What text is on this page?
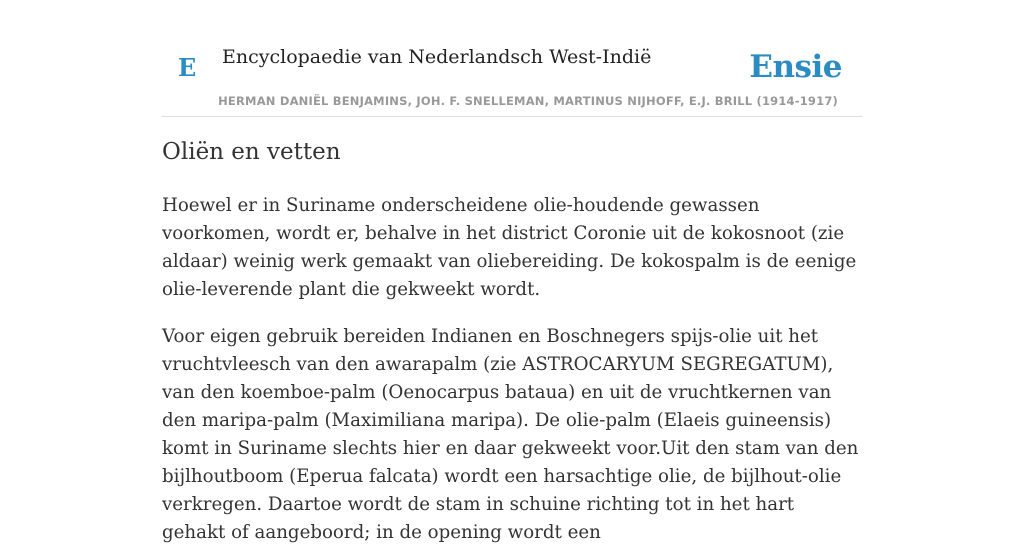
E Encyclopaedie van Nederlandsch West-Indië	Ensie
HERMAN DANIËL BENJAMINS, JOH. F. SNELLEMAN, MARTINUS NIJHOFF, E.J. BRILL (1914-1917)
Oliën en vetten

Hoewel er in Suriname onderscheidene olie-houdende gewassen voorkomen, wordt er, behalve in het district Coronie uit de kokosnoot (zie aldaar) weinig werk gemaakt van oliebereiding. De kokospalm is de eenige olie-leverende plant die gekweekt wordt.

Voor eigen gebruik bereiden Indianen en Boschnegers spijs-olie uit het vruchtvleesch van den awarapalm (zie ASTROCARYUM SEGREGATUM), van den koemboe-palm (Oenocarpus bataua) en uit de vruchtkernen van den maripa-palm (Maximiliana maripa). De olie-palm (Elaeis guineensis) komt in Suriname slechts hier en daar gekweekt voor.Uit den stam van den bijlhoutboom (Eperua falcata) wordt een harsachtige olie, de bijlhout-olie verkregen. Daartoe wordt de stam in schuine richting tot in het hart gehakt of aangeboord; in de opening wordt een
